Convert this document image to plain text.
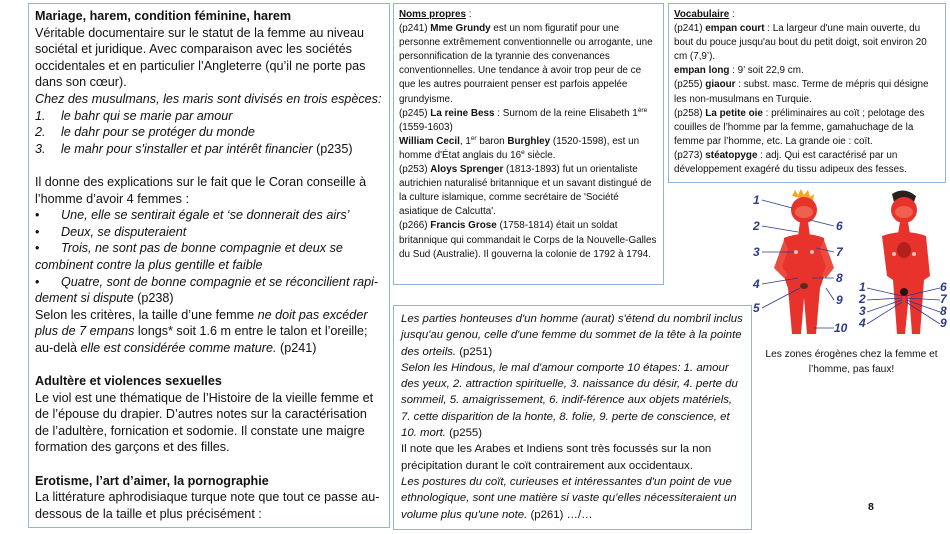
Mariage, harem, condition féminine, harem

Véritable documentaire sur le statut de la femme au niveau sociétal et juridique. Avec comparaison avec les sociétés occidentales et en particulier l’Angleterre (qu’il ne porte pas dans son cœur).

Chez des musulmans, les maris sont divisés en trois espèces:

1.	le bahr qui se marie par amour
2.	le dahr pour se protéger du monde
3.	le mahr pour s'installer et par intérêt financier (p235)

Il donne des explications sur le fait que le Coran conseille à l’homme d’avoir 4 femmes :

• Une, elle se sentirait égale et ‘se donnerait des airs’
• Deux, se disputeraient
• Trois, ne sont pas de bonne compagnie et deux se combinent contre la plus gentille et faible
• Quatre, sont de bonne compagnie et se réconcilient rapi-dement si dispute (p238)

Selon les critères, la taille d’une femme ne doit pas excéder plus de 7 empans longs* soit 1.6 m entre le talon et l’oreille; au-delà elle est considérée comme mature. (p241)

Adultère et violences sexuelles

Le viol est une thématique de l’Histoire de la vieille femme et de l’épouse du drapier. D’autres notes sur la caractérisation de l’adultère, fornication et sodomie. Il constate une maigre formation des garçons et des filles.

Erotisme, l’art d’aimer, la pornographie

La littérature aphrodisiaque turque note que tout ce passe au-dessous de la taille et plus précisément :

Noms propres :
(p241) Mme Grundy est un nom figuratif pour une personne extrêmement conventionnelle ou arrogante, une personnification de la tyrannie des convenances conventionnelles. Une tendance à avoir trop peur de ce que les autres pourraient penser est parfois appelée grundyisme.
(p245) La reine Bess : Surnom de la reine Elisabeth 1ère (1559-1603)
William Cecil, 1er baron Burghley (1520-1598), est un homme d'État anglais du 16e siècle.
(p253) Aloys Sprenger (1813-1893) fut un orientaliste autrichien naturalisé britannique et un savant distingué de la culture islamique, comme secrétaire de 'Société asiatique de Calcutta'.
(p266) Francis Grose (1758-1814) était un soldat britannique qui commandait le Corps de la Nouvelle-Galles du Sud (Australie). Il gouverna la colonie de 1792 à 1794.
Vocabulaire :
(p241) empan court : La largeur d'une main ouverte, du bout du pouce jusqu'au bout du petit doigt, soit environ 20 cm (7,9’).
empan long : 9’ soit 22,9 cm.
(p255) giaour : subst. masc. Terme de mépris qui désigne les non-musulmans en Turquie.
(p258) La petite oie : préliminaires au coït ; pelotage des couilles de l’homme par la femme, gamahuchage de la femme par l’homme, etc. La grande oie : coït.
(p273) stéatopyge : adj. Qui est caractérisé par un développement exagéré du tissu adipeux des fesses.

Les parties honteuses d'un homme (aurat) s'étend du nombril inclus jusqu'au genou, celle d'une femme du sommet de la tête à la pointe des orteils. (p251)

Selon les Hindous, le mal d'amour comporte 10 étapes: 1. amour des yeux, 2. attraction spirituelle, 3. naissance du désir, 4. perte du sommeil, 5. amaigrissement, 6. indif-férence aux objets matériels, 7. cette disparition de la honte, 8. folie, 9. perte de conscience, et 10. mort. (p255)

Il note que les Arabes et Indiens sont très focussés sur la non précipitation durant le coït contrairement aux occidentaux.

Les postures du coït, curieuses et intéressantes d'un point de vue ethnologique, sont une matière si vaste qu’elles nécessiteraient un volume plus qu'une note. (p261) …/…

1
2
3
4
5
6
7
8
9
10
1
2
3
4
6
7
8
9
Les zones érogènes chez la femme et l’homme, pas faux!
8
